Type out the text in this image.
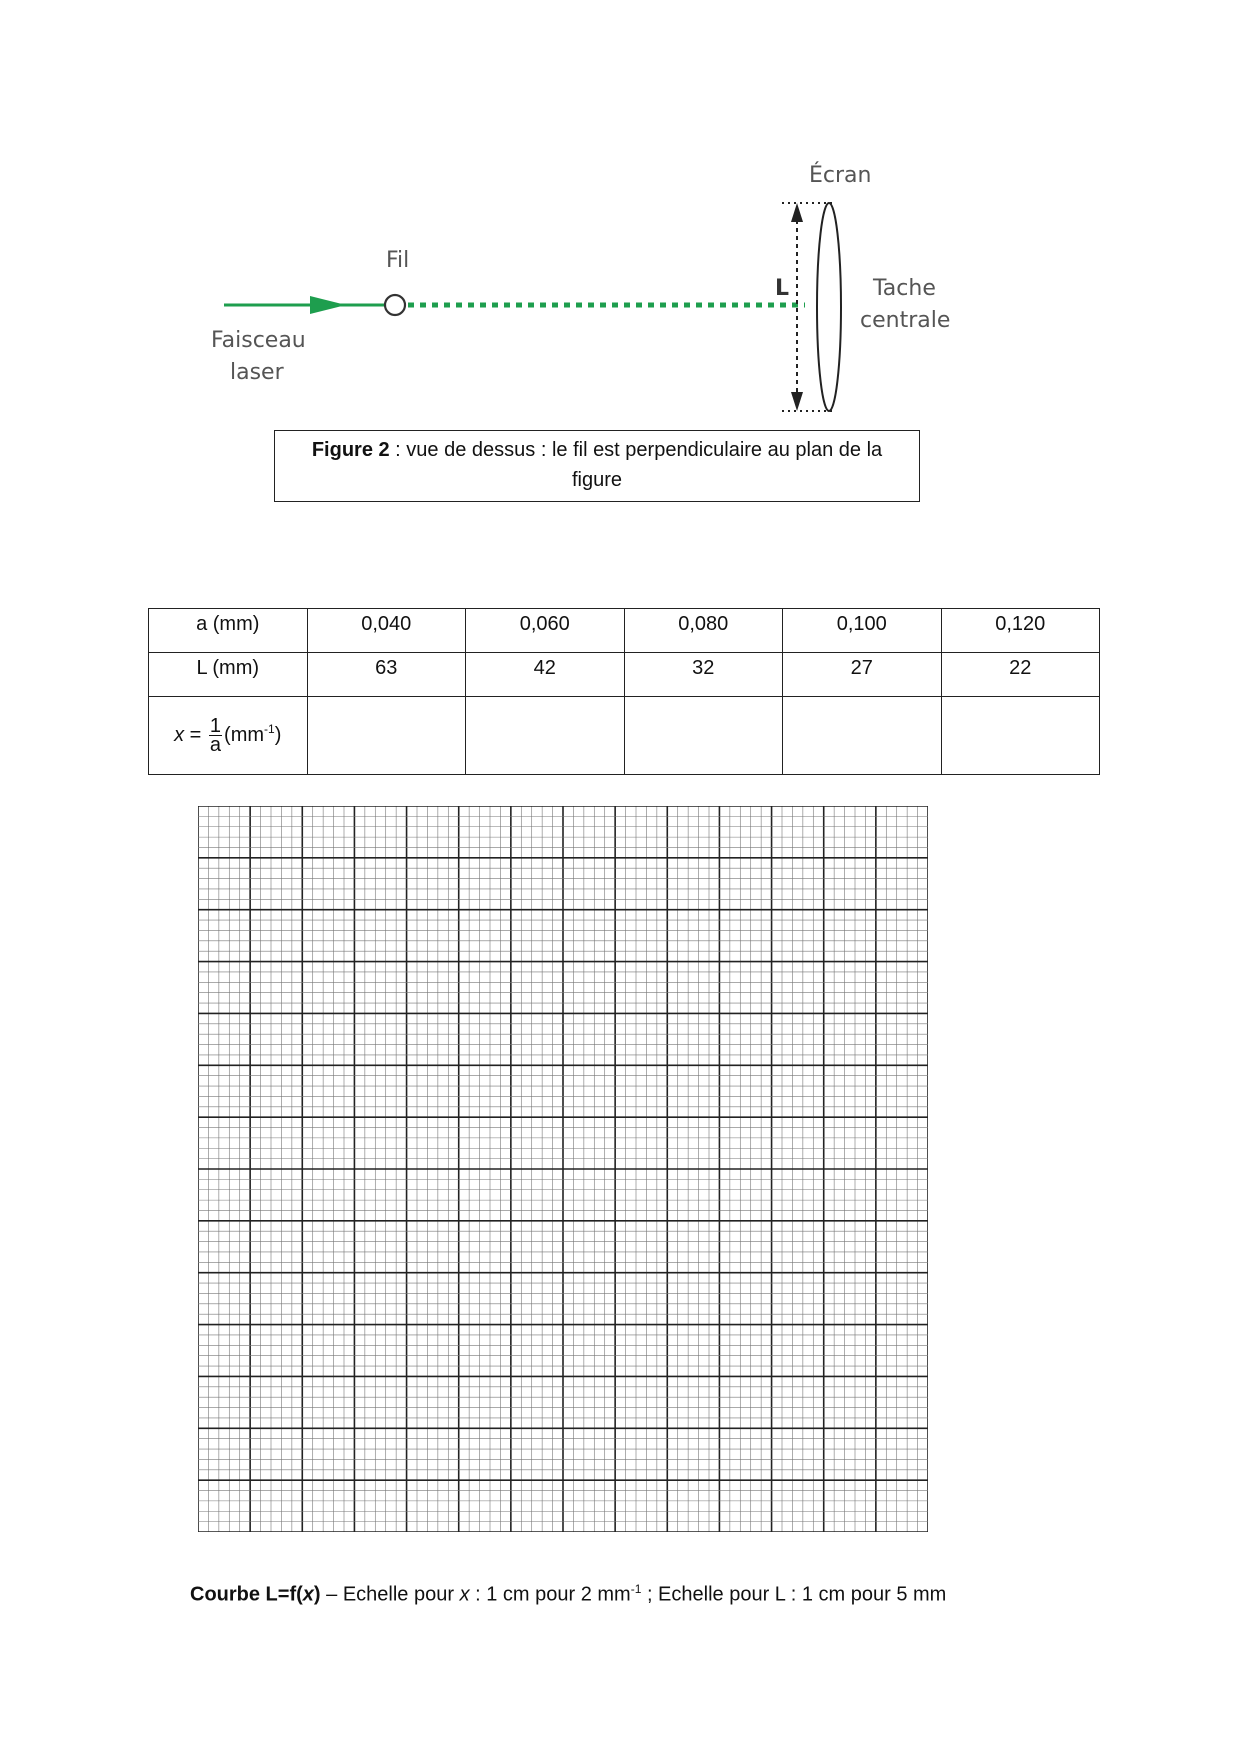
Écran
Fil
Faisceau
laser
L	Tache
centrale
Figure 2 : vue de dessus : le fil est perpendiculaire au plan de la figure
a (mm)	0,040	0,060	0,080	0,100	0,120
L (mm)	63	42	32	27	22
$x = \frac{1}{a} (mm^{-1})$					
Courbe L=f(x) – Echelle pour x : 1 cm pour 2 $mm^{-1}$ ; Echelle pour L : 1 cm pour 5 mm
